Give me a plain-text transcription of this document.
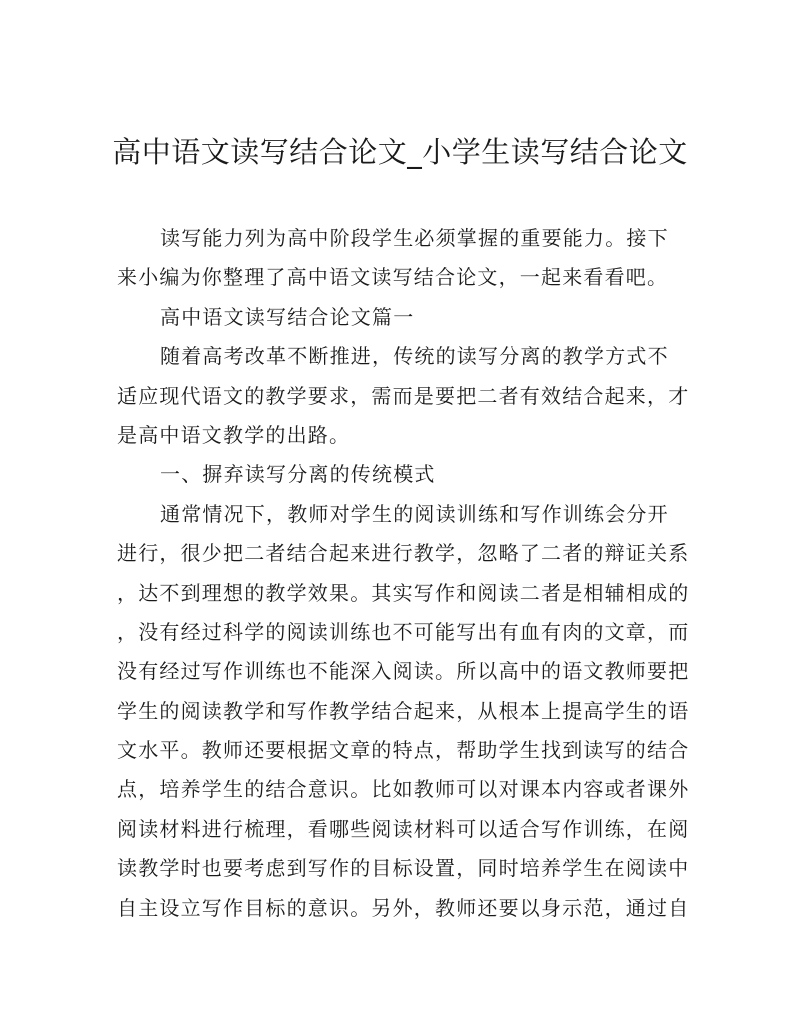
高中语文读写结合论文_小学生读写结合论文
读写能力列为高中阶段学生必须掌握的重要能力。接下
来小编为你整理了高中语文读写结合论文，一起来看看吧。
高中语文读写结合论文篇一
随着高考改革不断推进，传统的读写分离的教学方式不
适应现代语文的教学要求，需而是要把二者有效结合起来，才
是高中语文教学的出路。
一、摒弃读写分离的传统模式
通常情况下，教师对学生的阅读训练和写作训练会分开
进行，很少把二者结合起来进行教学，忽略了二者的辩证关系
，达不到理想的教学效果。其实写作和阅读二者是相辅相成的
，没有经过科学的阅读训练也不可能写出有血有肉的文章，而
没有经过写作训练也不能深入阅读。所以高中的语文教师要把
学生的阅读教学和写作教学结合起来，从根本上提高学生的语
文水平。教师还要根据文章的特点，帮助学生找到读写的结合
点，培养学生的结合意识。比如教师可以对课本内容或者课外
阅读材料进行梳理，看哪些阅读材料可以适合写作训练，在阅
读教学时也要考虑到写作的目标设置，同时培养学生在阅读中
自主设立写作目标的意识。另外，教师还要以身示范，通过自
